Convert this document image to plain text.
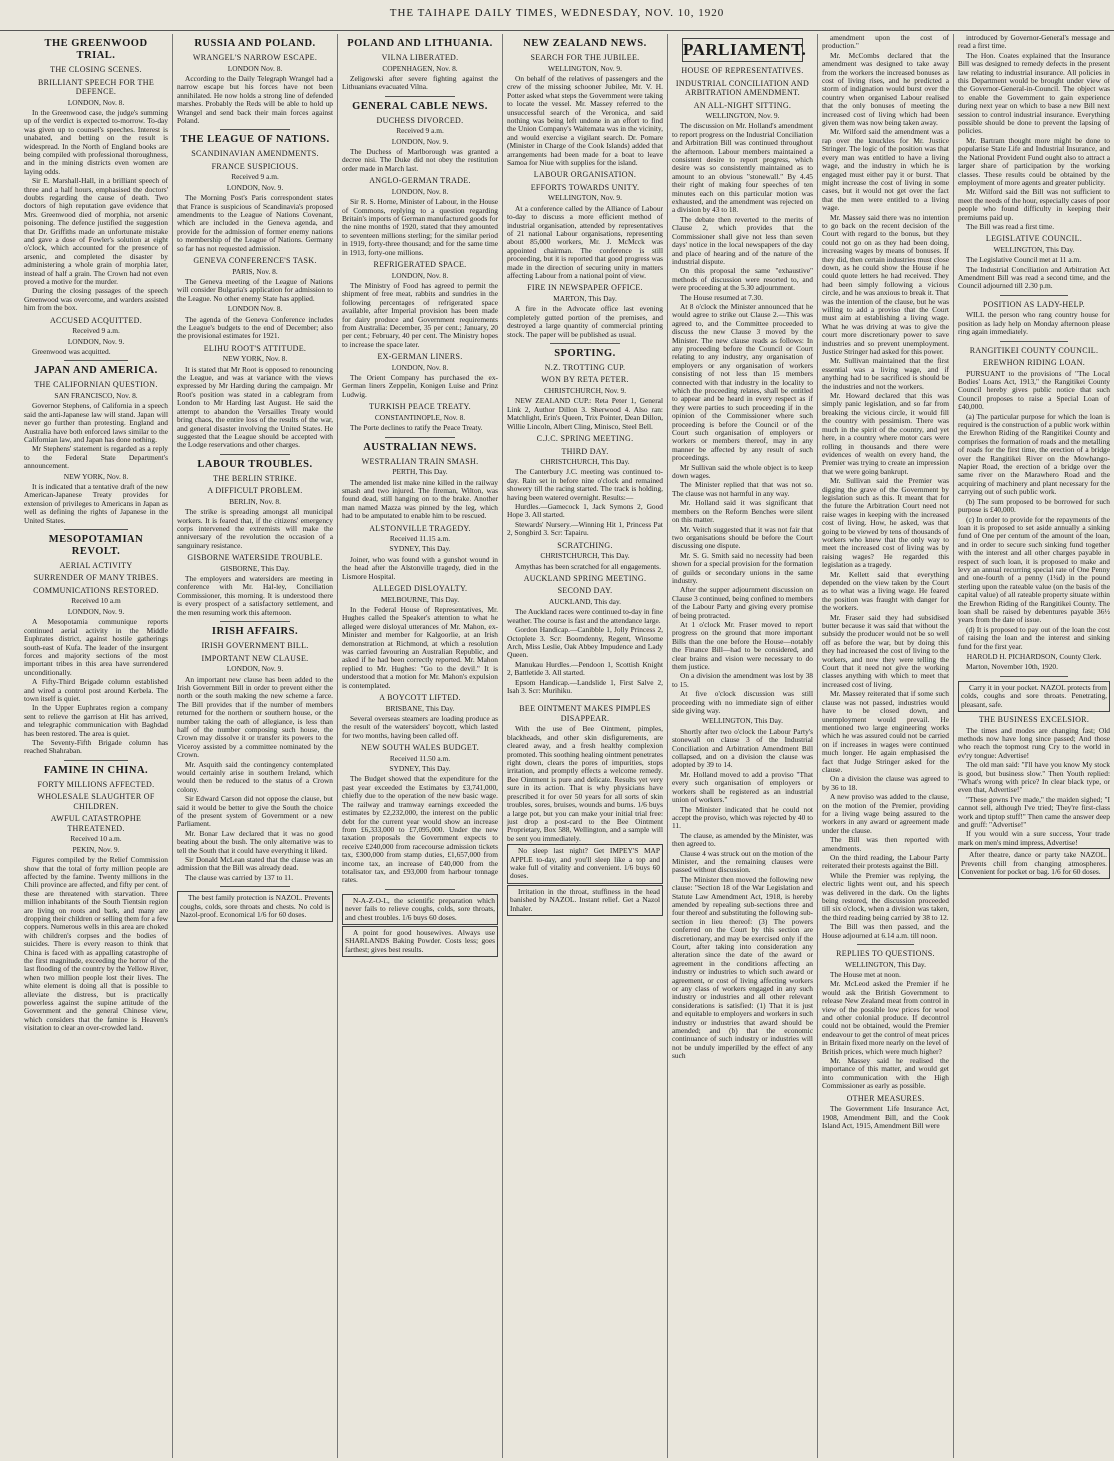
THE TAIHAPE DAILY TIMES, WEDNESDAY, NOV. 10, 1920
THE GREENWOOD TRIAL.
THE CLOSING SCENES.
BRILLIANT SPEECH FOR THE DEFENCE.

LONDON, Nov. 8.

In the Greenwood case, the judge's summing up of the verdict is expected to-morrow. To-day was given up to counsel's speeches. Interest is unabated, and betting on the result is widespread. In the North of England books are being compiled with professional thoroughness, and in the mining districts even women are laying odds.

Sir E. Marshall-Hall, in a brilliant speech of three and a half hours, emphasised the doctors' doubts regarding the cause of death. Two doctors of high reputation gave evidence that Mrs. Greenwood died of morphia, not arsenic poisoning. The defence justified the suggestion that Dr. Griffiths made an unfortunate mistake and gave a dose of Fowler's solution at eight o'clock, which accounted for the presence of arsenic, and completed the disaster by administering a whole grain of morphia later, instead of half a grain. The Crown had not even proved a motive for the murder.

During the closing passages of the speech Greenwood was overcome, and warders assisted him from the box.

ACCUSED ACQUITTED.

Received 9 a.m.

LONDON, Nov. 9.

Greenwood was acquitted.

JAPAN AND AMERICA.
THE CALIFORNIAN QUESTION.

SAN FRANCISCO, Nov. 8.

Governor Stephens, of California in a speech said the anti-Japanese law will stand. Japan will never go further than protesting. England and Australia have both enforced laws similar to the Californian law, and Japan has done nothing.

Mr Stephens' statement is regarded as a reply to the Federal State Department's announcement.

NEW YORK, Nov. 8.

It is indicated that a tentative draft of the new American-Japanese Treaty provides for extension of privileges to Americans in Japan as well as defining the rights of Japanese in the United States.

MESOPOTAMIAN REVOLT.
AERIAL ACTIVITY
SURRENDER OF MANY TRIBES.
COMMUNICATIONS RESTORED.

Received 10 a.m

LONDON, Nov. 9.

A Mesopotamia communique reports continued aerial activity in the Middle Euphrates district, against hostile gatherings south-east of Kufa. The leader of the insurgent forces and majority sections of the most important tribes in this area have surrendered unconditionally.

A Fifty-Third Brigade column established and wired a control post around Kerbela. The town itself is quiet.

In the Upper Euphrates region a company sent to relieve the garrison at Hit has arrived, and telegraphic communication with Baghdad has been restored. The area is quiet.

The Seventy-Fifth Brigade column has reached Shahraban.

FAMINE IN CHINA.
FORTY MILLIONS AFFECTED.
WHOLESALE SLAUGHTER OF CHILDREN.
AWFUL CATASTROPHE THREATENED.

Received 10 a.m.

PEKIN, Nov. 9.

Figures compiled by the Relief Commission show that the total of forty million people are affected by the famine. Twenty millions in the Chili province are affected, and fifty per cent. of these are threatened with starvation. Three million inhabitants of the South Tientsin region are living on roots and bark, and many are dropping their children or selling them for a few coppers. Numerous wells in this area are choked with children's corpses and the bodies of suicides. There is every reason to think that China is faced with as appalling catastrophe of the first magnitude, exceeding the horror of the last flooding of the country by the Yellow River, when two million people lost their lives. The white element is doing all that is possible to alleviate the distress, but is practically powerless against the supine attitude of the Government and the general Chinese view, which considers that the famine is Heaven's visitation to clear an over-crowded land.

RUSSIA AND POLAND.
WRANGEL'S NARROW ESCAPE.

LONDON Nov. 8.

According to the Daily Telegraph Wrangel had a narrow escape but his forces have not been annihilated. He now holds a strong line of defended marshes. Probably the Reds will be able to hold up Wrangel and send back their main forces against Poland.

THE LEAGUE OF NATIONS.
SCANDINAVIAN AMENDMENTS.
FRANCE SUSPICIOUS.

Received 9 a.m.

LONDON, Nov. 9.

The Morning Post's Paris correspondent states that France is suspicious of Scandinavia's proposed amendments to the League of Nations Covenant, which are included in the Geneva agenda, and provide for the admission of former enemy nations to membership of the League of Nations. Germany so far has not requested admission.

GENEVA CONFERENCE'S TASK.

PARIS, Nov. 8.

The Geneva meeting of the League of Nations will consider Bulgaria's application for admission to the League. No other enemy State has applied.

LONDON Nov. 8.

The agenda of the Geneva Conference includes the League's budgets to the end of December; also the provisional estimates for 1921.

ELIHU ROOT'S ATTITUDE.

NEW YORK, Nov. 8.

It is stated that Mr Root is opposed to renouncing the League, and was at variance with the views expressed by Mr Harding during the campaign. Mr Root's position was stated in a cablegram from London to Mr Harding last August. He said the attempt to abandon the Versailles Treaty would bring chaos, the entire loss of the results of the war, and general disaster involving the United States. He suggested that the League should be accepted with the Lodge reservations and other charges.

LABOUR TROUBLES.
THE BERLIN STRIKE.
A DIFFICULT PROBLEM.

BERLIN, Nov. 8.

The strike is spreading amongst all municipal workers. It is feared that, if the citizens' emergency corps intervened the extremists will make the anniversary of the revolution the occasion of a sanguinary resistance.

GISBORNE WATERSIDE TROUBLE.

GISBORNE, This Day.

The employers and watersiders are meeting in conference with Mr. Hal-ley, Conciliation Commissioner, this morning. It is understood there is every prospect of a satisfactory settlement, and the men resuming work this afternoon.

IRISH AFFAIRS.
IRISH GOVERNMENT BILL.
IMPORTANT NEW CLAUSE.

LONDON, Nov. 9.

An important new clause has been added to the Irish Government Bill in order to prevent either the north or the south making the new scheme a farce. The Bill provides that if the number of members returned for the northern or southern house, or the number taking the oath of allegiance, is less than half of the number composing such house, the Crown may dissolve it or transfer its powers to the Viceroy assisted by a committee nominated by the Crown.

Mr. Asquith said the contingency contemplated would certainly arise in southern Ireland, which would then be reduced to the status of a Crown colony.

Sir Edward Carson did not oppose the clause, but said it would be better to give the South the choice of the present system of Government or a new Parliament.

Mr. Bonar Law declared that it was no good beating about the bush. The only alternative was to tell the South that it could have everything it liked.

Sir Donald McLean stated that the clause was an admission that the Bill was already dead.

The clause was carried by 137 to 11.

The best family protection is NAZOL. Prevents coughs, colds, sore throats and chests. No cold is Nazol-proof. Economical 1/6 for 60 doses.

POLAND AND LITHUANIA.
VILNA LIBERATED.

COPENHAGEN, Nov. 8.

Zeligowski after severe fighting against the Lithuanians evacuated Vilna.

GENERAL CABLE NEWS.
DUCHESS DIVORCED.

Received 9 a.m.

LONDON, Nov. 9.

The Duchess of Marlborough was granted a decree nisi. The Duke did not obey the restitution order made in March last.

ANGLO-GERMAN TRADE.

LONDON, Nov. 8.

Sir R. S. Horne, Minister of Labour, in the House of Commons, replying to a question regarding Britain's imports of German manufactured goods for the nine months of 1920, stated that they amounted to seventeen millions sterling; for the similar period in 1919, forty-three thousand; and for the same time in 1913, forty-one millions.

REFRIGERATED SPACE.

LONDON, Nov. 8.

The Ministry of Food has agreed to permit the shipment of free meat, rabbits and sundries in the following percentages of refrigerated space available, after Imperial provision has been made for dairy produce and Government requirements from Australia: December, 35 per cent.; January, 20 per cent.; February, 40 per cent. The Ministry hopes to increase the space later.

EX-GERMAN LINERS.

LONDON, Nov. 8.

The Orient Company has purchased the ex-German liners Zeppelin, Konigen Luise and Prinz Ludwig.

TURKISH PEACE TREATY.

CONSTANTINOPLE, Nov. 8.

The Porte declines to ratify the Peace Treaty.

AUSTRALIAN NEWS.
WESTRALIAN TRAIN SMASH.

PERTH, This Day.

The amended list make nine killed in the railway smash and two injured. The fireman, Wilton, was found dead, still hanging on to the brake. Another man named Mazza was pinned by the leg, which had to be amputated to enable him to be rescued.

ALSTONVILLE TRAGEDY.

Received 11.15 a.m.

SYDNEY, This Day.

Joiner, who was found with a gunshot wound in the head after the Alstonville tragedy, died in the Lismore Hospital.

ALLEGED DISLOYALTY.

MELBOURNE, This Day.

In the Federal House of Representatives, Mr. Hughes called the Speaker's attention to what he alleged were disloyal utterances of Mr. Mahon, ex-Minister and member for Kalgoorlie, at an Irish demonstration at Richmond, at which a resolution was carried favouring an Australian Republic, and asked if he had been correctly reported. Mr. Mahon replied to Mr. Hughes: "Go to the devil." It is understood that a motion for Mr. Mahon's expulsion is contemplated.

A BOYCOTT LIFTED.

BRISBANE, This Day.

Several overseas steamers are loading produce as the result of the watersiders' boycott, which lasted for two months, having been called off.

NEW SOUTH WALES BUDGET.

Received 11.50 a.m.

SYDNEY, This Day.

The Budget showed that the expenditure for the past year exceeded the Estimates by £3,741,000, chiefly due to the operation of the new basic wage. The railway and tramway earnings exceeded the estimates by £2,232,000, the interest on the public debt for the current year would show an increase from £6,333,000 to £7,095,000. Under the new taxation proposals the Government expects to receive £240,000 from racecourse admission tickets tax, £300,000 from stamp duties, £1,657,000 from income tax, an increase of £40,000 from the totalisator tax, and £93,000 from harbour tonnage rates.

N-A-Z-O-L, the scientific preparation which never fails to relieve coughs, colds, sore throats, and chest troubles. 1/6 buys 60 doses.

A point for good housewives. Always use SHARLANDS Baking Powder. Costs less; goes farthest; gives best results.

NEW ZEALAND NEWS.
SEARCH FOR THE JUBILEE.

WELLINGTON, Nov. 9.

On behalf of the relatives of passengers and the crew of the missing schooner Jubilee, Mr. V. H. Potter asked what steps the Government were taking to locate the vessel. Mr. Massey referred to the unsuccessful search of the Veronica, and said nothing was being left undone in an effort to find the Union Company's Waitemata was in the vicinity, and would exercise a vigilant search. Dr. Pomare (Minister in Charge of the Cook Islands) added that arrangements had been made for a boat to leave Samoa for Niue with supplies for the island.

LABOUR ORGANISATION.
EFFORTS TOWARDS UNITY.

WELLINGTON, Nov. 9.

At a conference called by the Alliance of Labour to-day to discuss a more efficient method of industrial organisation, attended by representatives of 21 national Labour organisations, representing about 85,000 workers, Mr. J. McMcck was appointed chairman. The conference is still proceeding, but it is reported that good progress was made in the direction of securing unity in matters affecting Labour from a national point of view.

FIRE IN NEWSPAPER OFFICE.

MARTON, This Day.

A fire in the Advocate office last evening completely gutted portion of the premises, and destroyed a large quantity of commercial printing stock. The paper will be published as usual.

SPORTING.
N.Z. TROTTING CUP.
WON BY RETA PETER.

CHRISTCHURCH, Nov. 9.

NEW ZEALAND CUP.: Reta Peter 1, General Link 2, Author Dillon 3. Sherwood 4. Also ran: Matchlight, Erin's Queen, Trix Pointer, Dean Dillon, Willie Lincoln, Albert Cling, Minisco, Steel Bell.

C.J.C. SPRING MEETING.
THIRD DAY.

CHRISTCHURCH, This Day.

The Canterbury J.C. meeting was continued to-day. Rain set in before nine o'clock and remained showery till the racing started. The track is holding, having been watered overnight. Results:—

Hurdles.—Gamecock 1, Jack Symons 2, Good Hope 3. All started.

Stewards' Nursery.—Winning Hit 1, Princess Pat 2, Songbird 3. Scr: Tapairu.

SCRATCHING.

CHRISTCHURCH, This Day.

Amythas has been scratched for all engagements.

AUCKLAND SPRING MEETING.
SECOND DAY.

AUCKLAND, This day.

The Auckland races were continued to-day in fine weather. The course is fast and the attendance large.

Gordon Handicap.—Canibble 1, Jolly Princess 2, Octoplete 3. Scr: Boomdenny, Regent, Winsome Arch, Miss Leslie, Oak Abbey Impudence and Lady Queen.

Manukau Hurdles.—Pendoon 1, Scottish Knight 2, Battletide 3. All started.

Epsom Handicap.—Landslide 1, First Salve 2, Isah 3. Scr: Murihiku.

BEE OINTMENT MAKES PIMPLES DISAPPEAR.

With the use of Bee Ointment, pimples, blackheads, and other skin disfigurements, are cleared away, and a fresh healthy complexion promoted. This soothing healing ointment penetrates right down, clears the pores of impurities, stops irritation, and promptly effects a welcome remedy. Bee Ointment is pure and delicate. Results yet very sure in its action. That is why physicians have prescribed it for over 50 years for all sorts of skin troubles, sores, bruises, wounds and burns. 1/6 buys a large pot, but you can make your initial trial free: just drop a post-card to the Bee Ointment Proprietary, Box 588, Wellington, and a sample will be sent you immediately.

No sleep last night? Get IMPEY'S MAP APPLE to-day, and you'll sleep like a top and wake full of vitality and convenient. 1/6 buys 60 doses.

Irritation in the throat, stuffiness in the head banished by NAZOL. Instant relief. Get a Nazol Inhaler.

PARLIAMENT.
HOUSE OF REPRESENTATIVES.
INDUSTRIAL CONCILIATION AND ARBITRATION AMENDMENT.
AN ALL-NIGHT SITTING.

WELLINGTON, Nov. 9.

The discussion on Mr. Holland's amendment to report progress on the Industrial Conciliation and Arbitration Bill was continued throughout the afternoon. Labour members maintained a consistent desire to report progress, which desire was so consistently maintained as to amount to an obvious "stonewall." By 4.45 their right of making four speeches of ten minutes each on this particular motion was exhausted, and the amendment was rejected on a division by 43 to 18.

The debate then reverted to the merits of Clause 2, which provides that the Commissioner shall give not less than seven days' notice in the local newspapers of the day and place of hearing and of the nature of the industrial dispute.

On this proposal the same "exhaustive" methods of discussion were resorted to, and were proceeding at the 5.30 adjournment.

The House resumed at 7.30.

At 8 o'clock the Minister announced that he would agree to strike out Clause 2.—This was agreed to, and the Committee proceeded to discuss the new Clause 3 moved by the Minister. The new clause reads as follows: In any proceeding before the Council or Court relating to any industry, any organisation of employers or any organisation of workers consisting of not less than 15 members connected with that industry in the locality to which the proceeding relates, shall be entitled to appear and be heard in every respect as if they were parties to such proceeding if in the opinion of the Commissioner where such proceeding is before the Council or of the Court such organisation of employers or workers or members thereof, may in any manner be affected by any result of such proceedings.

Mr Sullivan said the whole object is to keep down wages.

The Minister replied that that was not so. The clause was not harmful in any way.

Mr. Holland said it was significant that members on the Reform Benches were silent on this matter.

Mr. Veitch suggested that it was not fair that two organisations should be before the Court discussing one dispute.

Mr. S. G. Smith said no necessity had been shown for a special provision for the formation of guilds or secondary unions in the same industry.

After the supper adjournment discussion on Clause 3 continued, being confined to members of the Labour Party and giving every promise of being protracted.

At 1 o'clock Mr. Fraser moved to report progress on the ground that more important Bills than the one before the House—notably the Finance Bill—had to be considered, and clear brains and vision were necessary to do them justice.

On a division the amendment was lost by 38 to 15.

At five o'clock discussion was still proceeding with no immediate sign of either side giving way.

WELLINGTON, This Day.

Shortly after two o'clock the Labour Party's stonewall on clause 3 of the Industrial Conciliation and Arbitration Amendment Bill collapsed, and on a division the clause was adopted by 39 to 14.

Mr. Holland moved to add a proviso "That every such organisation of employers or workers shall be registered as an industrial union of workers."

The Minister indicated that he could not accept the proviso, which was rejected by 40 to 11.

The clause, as amended by the Minister, was then agreed to.

Clause 4 was struck out on the motion of the Minister, and the remaining clauses were passed without discussion.

The Minister then moved the following new clause: "Section 18 of the War Legislation and Statute Law Amendment Act, 1918, is hereby amended by repealing sub-sections three and four thereof and substituting the following sub-section in lieu thereof: (3) The powers conferred on the Court by this section are discretionary, and may be exercised only if the Court, after taking into consideration any alteration since the date of the award or agreement in the conditions affecting an industry or industries to which such award or agreement, or cost of living affecting workers or any class of workers engaged in any such industry or industries and all other relevant considerations is satisfied: (1) That it is just and equitable to employers and workers in such industry or industries that award should be amended; and (b) that the economic continuance of such industry or industries will not be unduly imperilled by the effect of any such

amendment upon the cost of production."

Mr. McCombs declared that the amendment was designed to take away from the workers the increased bonuses as cost of living rises, and he predicted a storm of indignation would burst over the country when organised Labour realised that the only bonuses of meeting the increased cost of living which had been given them was now being taken away.

Mr. Wilford said the amendment was a rap over the knuckles for Mr. Justice Stringer. The logic of the position was that every man was entitled to have a living wage, and the industry in which he is engaged must either pay it or burst. That might increase the cost of living in some cases, but it would not get over the fact that the men were entitled to a living wage.

Mr. Massey said there was no intention to go back on the recent decision of the Court with regard to the bonus, but they could not go on as they had been doing, increasing wages by means of bonuses. If they did, then certain industries must close down, as he could show the House if he could quote letters he had received. They had been simply following a vicious circle, and he was anxious to break it. That was the intention of the clause, but he was willing to add a proviso that the Court must aim at establishing a living wage. What he was driving at was to give the court more discretionary power to save industries and so prevent unemployment. Justice Stringer had asked for this power.

Mr. Sullivan maintained that the first essential was a living wage, and if anything had to be sacrificed is should be the industries and not the workers.

Mr. Howard declared that this was simply panic legislation, and so far from breaking the vicious circle, it would fill the country with pessimism. There was much in the spirit of the country, and yet here, in a country where motor cars were rolling in thousands and there were evidences of wealth on every hand, the Premier was trying to create an impression that we were going bankrupt.

Mr. Sullivan said the Premier was digging the grave of the Government by legislation such as this. It meant that for the future the Arbitration Court need not raise wages in keeping with the increased cost of living. How, he asked, was that going to be viewed by tens of thousands of workers who knew that the only way to meet the increased cost of living was by raising wages? He regarded this legislation as a tragedy.

Mr. Kellett said that everything depended on the view taken by the Court as to what was a living wage. He feared the position was fraught with danger for the workers.

Mr. Fraser said they had subsidised butter because it was said that without the subsidy the producer would not be so well off as before the war, but by doing this they had increased the cost of living to the workers, and now they were telling the Court that it need not give the working classes anything with which to meet that increased cost of living.

Mr. Massey reiterated that if some such clause was not passed, industries would have to be closed down, and unemployment would prevail. He mentioned two large engineering works which he was assured could not be carried on if increases in wages were continued much longer. He again emphasised the fact that Judge Stringer asked for the clause.

On a division the clause was agreed to by 36 to 18.

A new proviso was added to the clause, on the motion of the Premier, providing for a living wage being assured to the workers in any award or agreement made under the clause.

The Bill was then reported with amendments.

On the third reading, the Labour Party reiterated their protests against the Bill.

While the Premier was replying, the electric lights went out, and his speech was delivered in the dark. On the lights being restored, the discussion proceeded till six o'clock, when a division was taken, the third reading being carried by 38 to 12.

The Bill was then passed, and the House adjourned at 6.14 a.m. till noon.

REPLIES TO QUESTIONS.

WELLINGTON, This Day.

The House met at noon.

Mr. McLeod asked the Premier if he would ask the British Government to release New Zealand meat from control in view of the possible low prices for wool and other colonial produce. If decontrol could not be obtained, would the Premier endeavour to get the control of meat prices in Britain fixed more nearly on the level of British prices, which were much higher?

Mr. Massey said he realised the importance of this matter, and would get into communication with the High Commissioner as early as possible.

OTHER MEASURES.

The Government Life Insurance Act, 1908, Amendment Bill, and the Cook Island Act, 1915, Amendment Bill were

introduced by Governor-General's message and read a first time.

The Hon. Coates explained that the Insurance Bill was designed to remedy defects in the present law relating to industrial insurance. All policies in this Department would be brought under view of the Governor-General-in-Council. The object was to enable the Government to gain experience during next year on which to base a new Bill next session to control industrial insurance. Everything possible should be done to prevent the lapsing of policies.

Mr. Bartram thought more might be done to popularise State Life and Industrial Insurance, and the National Provident Fund ought also to attract a larger share of participation by the working classes. These results could be obtained by the employment of more agents and greater publicity.

Mr. Wilford said the Bill was not sufficient to meet the needs of the hour, especially cases of poor people who found difficulty in keeping their premiums paid up.

The Bill was read a first time.

LEGISLATIVE COUNCIL.

WELLINGTON, This Day.

The Legislative Council met at 11 a.m.

The Industrial Conciliation and Arbitration Act Amendment Bill was read a second time, and the Council adjourned till 2.30 p.m.

POSITION AS LADY-HELP.

WILL the person who rang country house for position as lady help on Monday afternoon please ring again immediately.

RANGITIKEI COUNTY COUNCIL.
EREWHON RIDING LOAN.

PURSUANT to the provisions of "The Local Bodies' Loans Act, 1913," the Rangitikei County Council hereby gives public notice that such Council proposes to raise a Special Loan of £40,000.

(a) The particular purpose for which the loan is required is the construction of a public work within the Erewhon Riding of the Rangitikei County and comprises the formation of roads and the metalling of roads for the first time, the erection of a bridge over the Rangitikei River on the Mowhango-Napier Road, the erection of a bridge over the same river on the Marawhero Road and the acquiring of machinery and plant necessary for the carrying out of such public work.

(b) The sum proposed to be borrowed for such purpose is £40,000.

(c) In order to provide for the repayments of the loan it is proposed to set aside annually a sinking fund of One per centum of the amount of the loan, and in order to secure such sinking fund together with the interest and all other charges payable in respect of such loan, it is proposed to make and levy an annual recurring special rate of One Penny and one-fourth of a penny (1¼d) in the pound sterling upon the rateable value (on the basis of the capital value) of all rateable property situate within the Erewhon Riding of the Rangitikei County. The loan shall be raised by debentures payable 36½ years from the date of issue.

(d) It is proposed to pay out of the loan the cost of raising the loan and the interest and sinking fund for the first year.

HAROLD H. PICHARDSON, County Clerk.

Marton, November 10th, 1920.

Carry it in your pocket. NAZOL protects from colds, coughs and sore throats. Penetrating, pleasant, safe.

THE BUSINESS EXCELSIOR.

The times and modes are changing fast; Old methods now have long since passed; And those who reach the topmost rung Cry to the world in ev'ry tongue: Advertise!

The old man said: "I'll have you know My stock is good, but business slow." Then Youth replied: "What's wrong with price? In clear black type, or even that, Advertise!"

"These gowns I've made," the maiden sighed; "I cannot sell, although I've tried; They're first-class work and tiptop stuff!" Then came the answer deep and gruff: "Advertise!"

If you would win a sure success, Your trade mark on men's mind impress, Advertise!

After theatre, dance or party take NAZOL. Prevents chill from changing atmospheres. Convenient for pocket or bag. 1/6 for 60 doses.
